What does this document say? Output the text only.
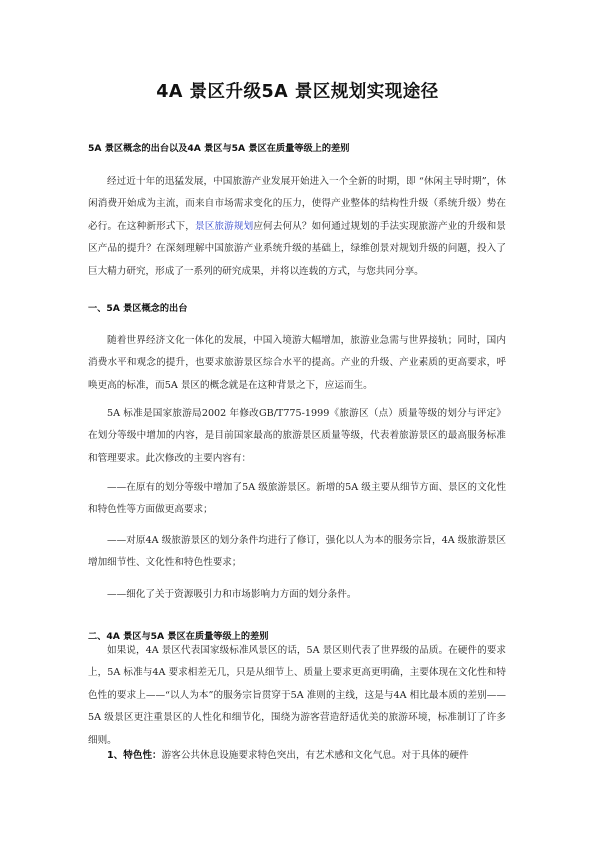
4A 景区升级5A 景区规划实现途径

5A 景区概念的出台以及4A 景区与5A 景区在质量等级上的差别

经过近十年的迅猛发展，中国旅游产业发展开始进入一个全新的时期，即 “休闲主导时期”，休闲消费开始成为主流，而来自市场需求变化的压力，使得产业整体的结构性升级（系统升级）势在必行。在这种新形式下，景区旅游规划应何去何从？如何通过规划的手法实现旅游产业的升级和景区产品的提升？在深刻理解中国旅游产业系统升级的基础上，绿维创景对规划升级的问题，投入了巨大精力研究，形成了一系列的研究成果，并将以连载的方式，与您共同分享。

一、5A 景区概念的出台

随着世界经济文化一体化的发展，中国入境游大幅增加，旅游业急需与世界接轨；同时，国内消费水平和观念的提升，也要求旅游景区综合水平的提高。产业的升级、产业素质的更高要求，呼唤更高的标准，而5A 景区的概念就是在这种背景之下，应运而生。

5A 标准是国家旅游局2002 年修改GB/T775-1999《旅游区（点）质量等级的划分与评定》在划分等级中增加的内容，是目前国家最高的旅游景区质量等级，代表着旅游景区的最高服务标准和管理要求。此次修改的主要内容有：

——在原有的划分等级中增加了5A 级旅游景区。新增的5A 级主要从细节方面、景区的文化性和特色性等方面做更高要求；

——对原4A 级旅游景区的划分条件均进行了修订，强化以人为本的服务宗旨，4A 级旅游景区增加细节性、文化性和特色性要求；

——细化了关于资源吸引力和市场影响力方面的划分条件。

二、4A 景区与5A 景区在质量等级上的差别

如果说，4A 景区代表国家级标准风景区的话，5A 景区则代表了世界级的品质。在硬件的要求上，5A 标准与4A 要求相差无几，只是从细节上、质量上要求更高更明确，主要体现在文化性和特色性的要求上——“以人为本”的服务宗旨贯穿于5A 准则的主线，这是与4A 相比最本质的差别——5A 级景区更注重景区的人性化和细节化，围绕为游客营造舒适优美的旅游环境，标准制订了许多细则。

1、特色性：游客公共休息设施要求特色突出，有艺术感和文化气息。对于具体的硬件
